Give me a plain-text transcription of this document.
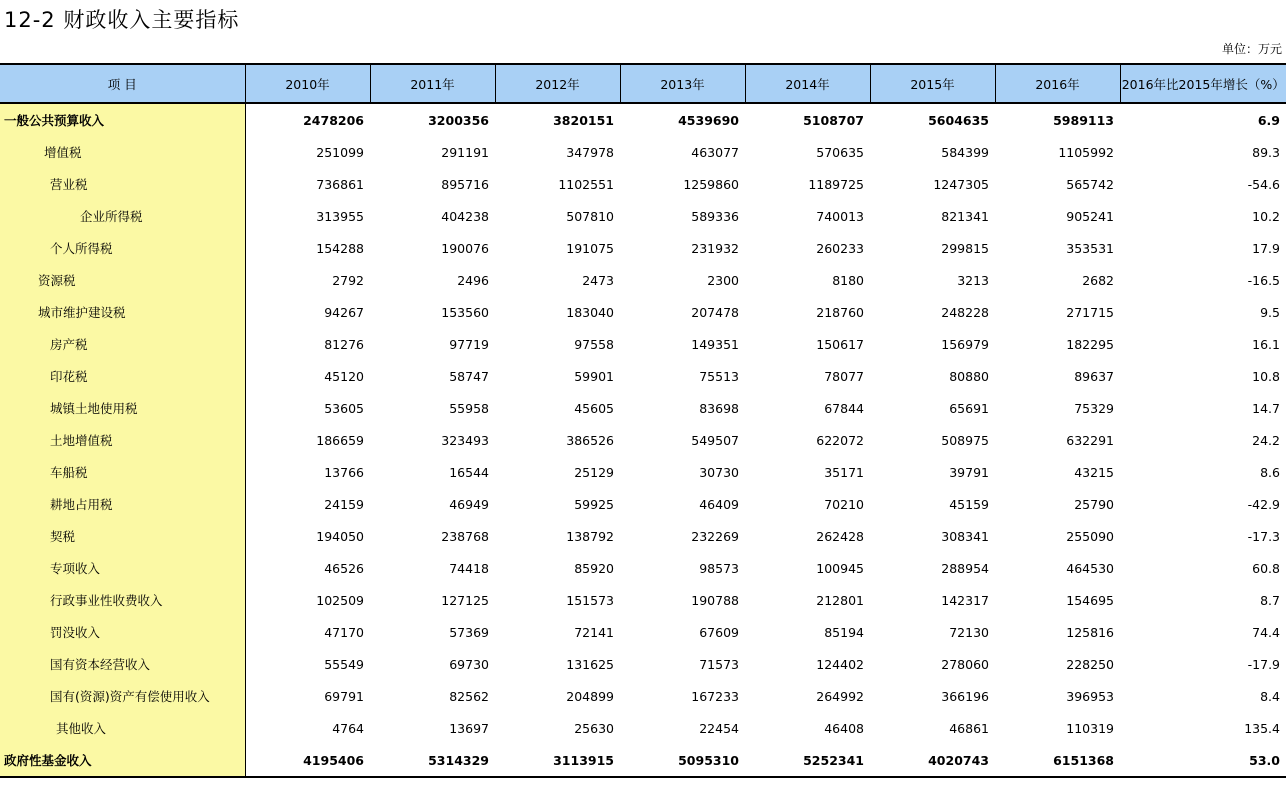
12-2 财政收入主要指标
单位：万元
项 目	2010年	2011年	2012年	2013年	2014年	2015年	2016年	2016年比2015年增长（%）
一般公共预算收入	2478206	3200356	3820151	4539690	5108707	5604635	5989113	6.9
增值税	251099	291191	347978	463077	570635	584399	1105992	89.3
营业税	736861	895716	1102551	1259860	1189725	1247305	565742	-54.6
企业所得税	313955	404238	507810	589336	740013	821341	905241	10.2
个人所得税	154288	190076	191075	231932	260233	299815	353531	17.9
资源税	2792	2496	2473	2300	8180	3213	2682	-16.5
城市维护建设税	94267	153560	183040	207478	218760	248228	271715	9.5
房产税	81276	97719	97558	149351	150617	156979	182295	16.1
印花税	45120	58747	59901	75513	78077	80880	89637	10.8
城镇土地使用税	53605	55958	45605	83698	67844	65691	75329	14.7
土地增值税	186659	323493	386526	549507	622072	508975	632291	24.2
车船税	13766	16544	25129	30730	35171	39791	43215	8.6
耕地占用税	24159	46949	59925	46409	70210	45159	25790	-42.9
契税	194050	238768	138792	232269	262428	308341	255090	-17.3
专项收入	46526	74418	85920	98573	100945	288954	464530	60.8
行政事业性收费收入	102509	127125	151573	190788	212801	142317	154695	8.7
罚没收入	47170	57369	72141	67609	85194	72130	125816	74.4
国有资本经营收入	55549	69730	131625	71573	124402	278060	228250	-17.9
国有(资源)资产有偿使用收入	69791	82562	204899	167233	264992	366196	396953	8.4
其他收入	4764	13697	25630	22454	46408	46861	110319	135.4
政府性基金收入	4195406	5314329	3113915	5095310	5252341	4020743	6151368	53.0
